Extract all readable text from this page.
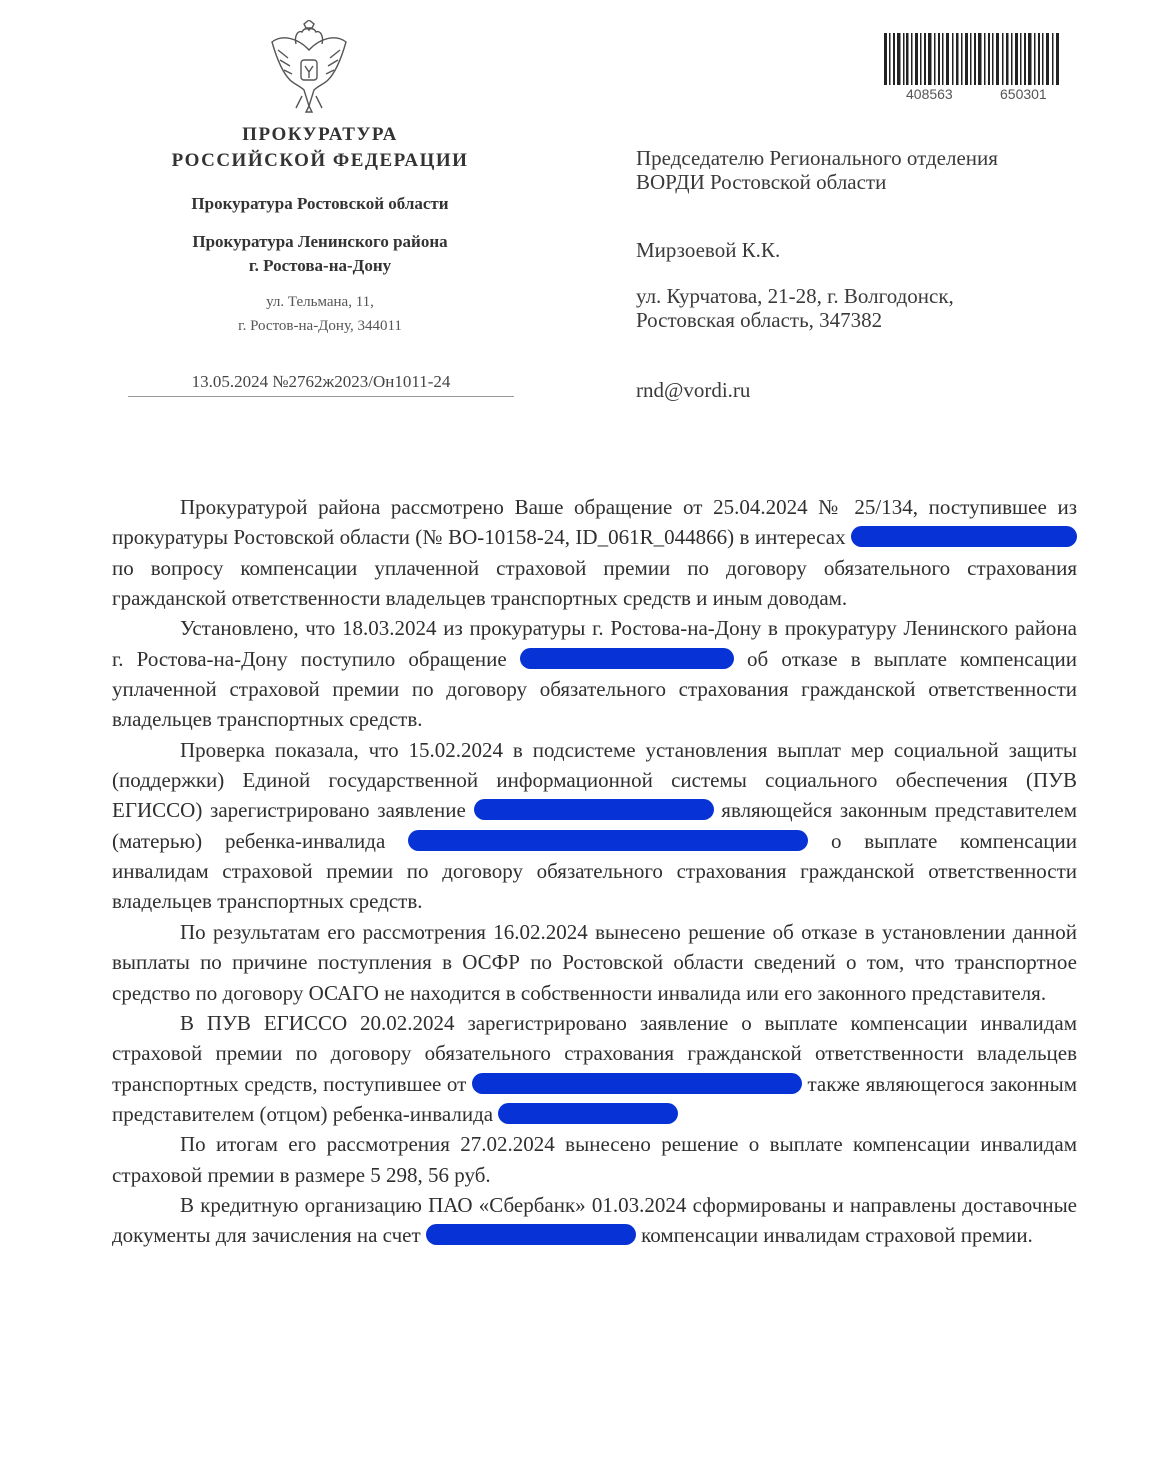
ПРОКУРАТУРА
РОССИЙСКОЙ ФЕДЕРАЦИИ
Прокуратура Ростовской области
Прокуратура Ленинского района
г. Ростова-на-Дону
ул. Тельмана, 11,
г. Ростов-на-Дону, 344011
13.05.2024 №2762ж2023/Он1011-24
408563	650301
Председателю Регионального отделения ВОРДИ Ростовской области
Мирзоевой К.К.
ул. Курчатова, 21-28, г. Волгодонск, Ростовская область, 347382
rnd@vordi.ru

Прокуратурой района рассмотрено Ваше обращение от 25.04.2024 № 25/134, поступившее из прокуратуры Ростовской области (№ ВО-10158-24, ID_061R_044866) в интересах  по вопросу компенсации уплаченной страховой премии по договору обязательного страхования гражданской ответственности владельцев транспортных средств и иным доводам.

Установлено, что 18.03.2024 из прокуратуры г. Ростова-на-Дону в прокуратуру Ленинского района г. Ростова-на-Дону поступило обращение	об отказе в выплате компенсации уплаченной страховой премии по договору обязательного страхования гражданской ответственности владельцев транспортных средств.

Проверка показала, что 15.02.2024 в подсистеме установления выплат мер социальной защиты (поддержки) Единой государственной информационной системы социального обеспечения (ПУВ ЕГИССО) зарегистрировано заявление	являющейся законным представителем (матерью) ребенка-инвалида	о выплате компенсации инвалидам страховой премии по договору обязательного страхования гражданской ответственности владельцев транспортных средств.

По результатам его рассмотрения 16.02.2024 вынесено решение об отказе в установлении данной выплаты по причине поступления в ОСФР по Ростовской области сведений о том, что транспортное средство по договору ОСАГО не находится в собственности инвалида или его законного представителя.

В ПУВ ЕГИССО 20.02.2024 зарегистрировано заявление о выплате компенсации инвалидам страховой премии по договору обязательного страхования гражданской ответственности владельцев транспортных средств, поступившее от	также являющегося законным представителем (отцом) ребенка-инвалида

По итогам его рассмотрения 27.02.2024 вынесено решение о выплате компенсации инвалидам страховой премии в размере 5 298, 56 руб.

В кредитную организацию ПАО «Сбербанк» 01.03.2024 сформированы и направлены доставочные документы для зачисления на счет	компенсации инвалидам страховой премии.
